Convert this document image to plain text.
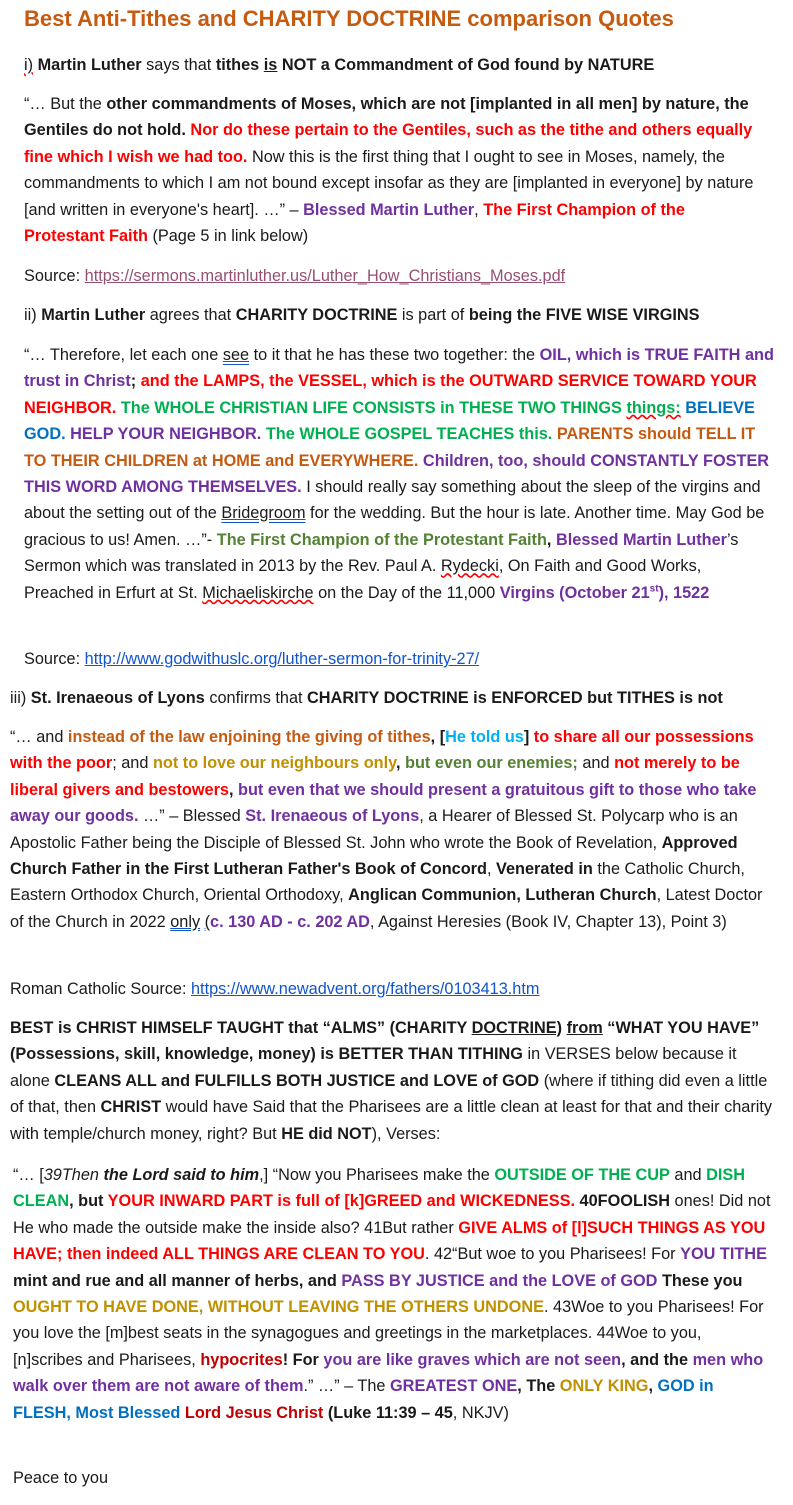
Best Anti-Tithes and CHARITY DOCTRINE comparison Quotes

i) Martin Luther says that tithes is NOT a Commandment of God found by NATURE

“… But the other commandments of Moses, which are not [implanted in all men] by nature, the Gentiles do not hold. Nor do these pertain to the Gentiles, such as the tithe and others equally fine which I wish we had too. Now this is the first thing that I ought to see in Moses, namely, the commandments to which I am not bound except insofar as they are [implanted in everyone] by nature [and written in everyone's heart]. …” – Blessed Martin Luther, The First Champion of the Protestant Faith (Page 5 in link below)

Source: https://sermons.martinluther.us/Luther_How_Christians_Moses.pdf

ii) Martin Luther agrees that CHARITY DOCTRINE is part of being the FIVE WISE VIRGINS

“… Therefore, let each one see to it that he has these two together: the OIL, which is TRUE FAITH and trust in Christ; and the LAMPS, the VESSEL, which is the OUTWARD SERVICE TOWARD YOUR NEIGHBOR. The WHOLE CHRISTIAN LIFE CONSISTS in THESE TWO THINGS things: BELIEVE GOD. HELP YOUR NEIGHBOR. The WHOLE GOSPEL TEACHES this. PARENTS should TELL IT TO THEIR CHILDREN at HOME and EVERYWHERE. Children, too, should CONSTANTLY FOSTER THIS WORD AMONG THEMSELVES. I should really say something about the sleep of the virgins and about the setting out of the Bridegroom for the wedding. But the hour is late. Another time. May God be gracious to us! Amen. …”- The First Champion of the Protestant Faith, Blessed Martin Luther’s Sermon which was translated in 2013 by the Rev. Paul A. Rydecki, On Faith and Good Works, Preached in Erfurt at St. Michaeliskirche on the Day of the 11,000 Virgins (October 21st), 1522

Source: http://www.godwithuslc.org/luther-sermon-for-trinity-27/

iii) St. Irenaeous of Lyons confirms that CHARITY DOCTRINE is ENFORCED but TITHES is not

“… and instead of the law enjoining the giving of tithes, [He told us] to share all our possessions with the poor; and not to love our neighbours only, but even our enemies; and not merely to be liberal givers and bestowers, but even that we should present a gratuitous gift to those who take away our goods. …” – Blessed St. Irenaeous of Lyons, a Hearer of Blessed St. Polycarp who is an Apostolic Father being the Disciple of Blessed St. John who wrote the Book of Revelation, Approved Church Father in the First Lutheran Father's Book of Concord, Venerated in the Catholic Church, Eastern Orthodox Church, Oriental Orthodoxy, Anglican Communion, Lutheran Church, Latest Doctor of the Church in 2022 only (c. 130 AD - c. 202 AD, Against Heresies (Book IV, Chapter 13), Point 3)

Roman Catholic Source: https://www.newadvent.org/fathers/0103413.htm

BEST is CHRIST HIMSELF TAUGHT that “ALMS” (CHARITY DOCTRINE) from “WHAT YOU HAVE” (Possessions, skill, knowledge, money) is BETTER THAN TITHING in VERSES below because it alone CLEANS ALL and FULFILLS BOTH JUSTICE and LOVE of GOD (where if tithing did even a little of that, then CHRIST would have Said that the Pharisees are a little clean at least for that and their charity with temple/church money, right? But HE did NOT), Verses:

“… [39Then the Lord said to him,] “Now you Pharisees make the OUTSIDE OF THE CUP and DISH CLEAN, but YOUR INWARD PART is full of [k]GREED and WICKEDNESS. 40FOOLISH ones! Did not He who made the outside make the inside also? 41But rather GIVE ALMS of [l]SUCH THINGS AS YOU HAVE; then indeed ALL THINGS ARE CLEAN TO YOU. 42“But woe to you Pharisees! For YOU TITHE mint and rue and all manner of herbs, and PASS BY JUSTICE and the LOVE of GOD These you OUGHT TO HAVE DONE, WITHOUT LEAVING THE OTHERS UNDONE. 43Woe to you Pharisees! For you love the [m]best seats in the synagogues and greetings in the marketplaces. 44Woe to you, [n]scribes and Pharisees, hypocrites! For you are like graves which are not seen, and the men who walk over them are not aware of them.” …” – The GREATEST ONE, The ONLY KING, GOD in FLESH, Most Blessed Lord Jesus Christ (Luke 11:39 – 45, NKJV)

Peace to you
